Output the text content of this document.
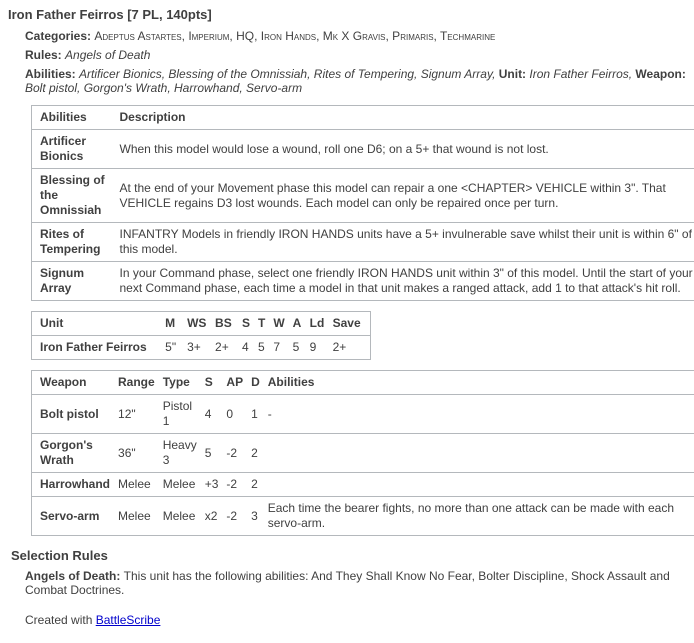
Iron Father Feirros [7 PL, 140pts]

Categories: Adeptus Astartes, Imperium, HQ, Iron Hands, Mk X Gravis, Primaris, Techmarine

Rules: Angels of Death

Abilities: Artificer Bionics, Blessing of the Omnissiah, Rites of Tempering, Signum Array, Unit: Iron Father Feirros, Weapon: Bolt pistol, Gorgon's Wrath, Harrowhand, Servo-arm

Abilities	Description
Artificer Bionics	When this model would lose a wound, roll one D6; on a 5+ that wound is not lost.
Blessing of the Omnissiah	At the end of your Movement phase this model can repair a one <CHAPTER> VEHICLE within 3". That VEHICLE regains D3 lost wounds. Each model can only be repaired once per turn.
Rites of Tempering	INFANTRY Models in friendly IRON HANDS units have a 5+ invulnerable save whilst their unit is within 6" of this model.
Signum Array	In your Command phase, select one friendly IRON HANDS unit within 3" of this model. Until the start of your next Command phase, each time a model in that unit makes a ranged attack, add 1 to that attack's hit roll.
Unit	M	WS	BS	S	T	W	A	Ld	Save
Iron Father Feirros	5"	3+	2+	4	5	7	5	9	2+
Weapon	Range	Type	S	AP	D	Abilities
Bolt pistol	12"	Pistol 1	4	0	1	-
Gorgon's Wrath	36"	Heavy 3	5	-2	2	
Harrowhand	Melee	Melee	+3	-2	2	
Servo-arm	Melee	Melee	x2	-2	3	Each time the bearer fights, no more than one attack can be made with each servo-arm.
Selection Rules

Angels of Death: This unit has the following abilities: And They Shall Know No Fear, Bolter Discipline, Shock Assault and Combat Doctrines.

Created with BattleScribe
